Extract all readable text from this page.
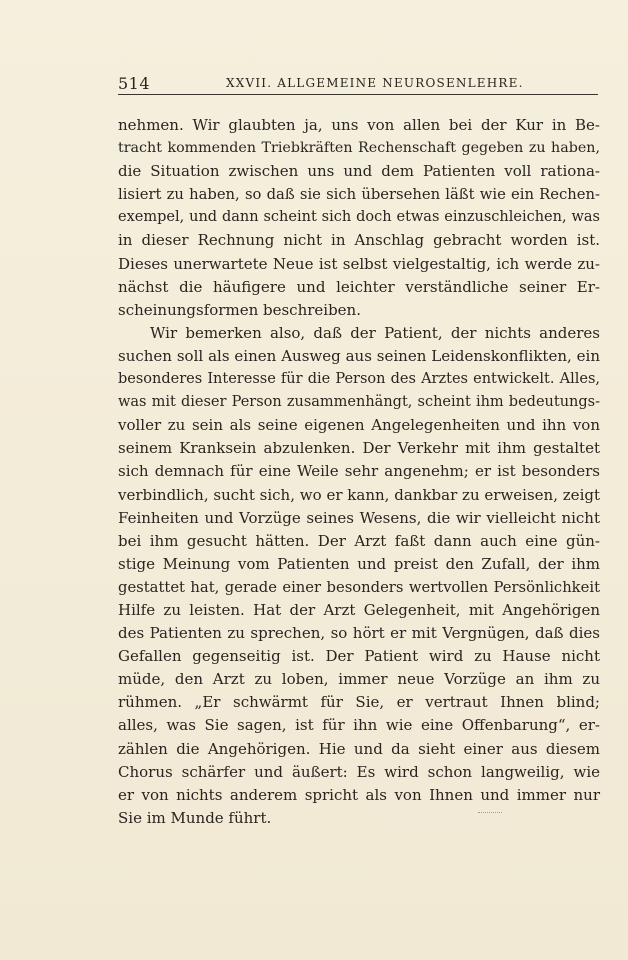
514	XXVII. ALLGEMEINE NEUROSENLEHRE.
nehmen. Wir glaubten ja, uns von allen bei der Kur in Be-
tracht kommenden Triebkräften Rechenschaft gegeben zu haben,
die Situation zwischen uns und dem Patienten voll rationa-
lisiert zu haben, so daß sie sich übersehen läßt wie ein Rechen-
exempel, und dann scheint sich doch etwas einzuschleichen, was
in dieser Rechnung nicht in Anschlag gebracht worden ist.
Dieses unerwartete Neue ist selbst vielgestaltig, ich werde zu-
nächst die häufigere und leichter verständliche seiner Er-
scheinungsformen beschreiben.
Wir bemerken also, daß der Patient, der nichts anderes
suchen soll als einen Ausweg aus seinen Leidenskonflikten, ein
besonderes Interesse für die Person des Arztes entwickelt. Alles,
was mit dieser Person zusammenhängt, scheint ihm bedeutungs-
voller zu sein als seine eigenen Angelegenheiten und ihn von
seinem Kranksein abzulenken. Der Verkehr mit ihm gestaltet
sich demnach für eine Weile sehr angenehm; er ist besonders
verbindlich, sucht sich, wo er kann, dankbar zu erweisen, zeigt
Feinheiten und Vorzüge seines Wesens, die wir vielleicht nicht
bei ihm gesucht hätten. Der Arzt faßt dann auch eine gün-
stige Meinung vom Patienten und preist den Zufall, der ihm
gestattet hat, gerade einer besonders wertvollen Persönlichkeit
Hilfe zu leisten. Hat der Arzt Gelegenheit, mit Angehörigen
des Patienten zu sprechen, so hört er mit Vergnügen, daß dies
Gefallen gegenseitig ist. Der Patient wird zu Hause nicht
müde, den Arzt zu loben, immer neue Vorzüge an ihm zu
rühmen. „Er schwärmt für Sie, er vertraut Ihnen blind;
alles, was Sie sagen, ist für ihn wie eine Offenbarung“, er-
zählen die Angehörigen. Hie und da sieht einer aus diesem
Chorus schärfer und äußert: Es wird schon langweilig, wie
er von nichts anderem spricht als von Ihnen und immer nur
Sie im Munde führt.
